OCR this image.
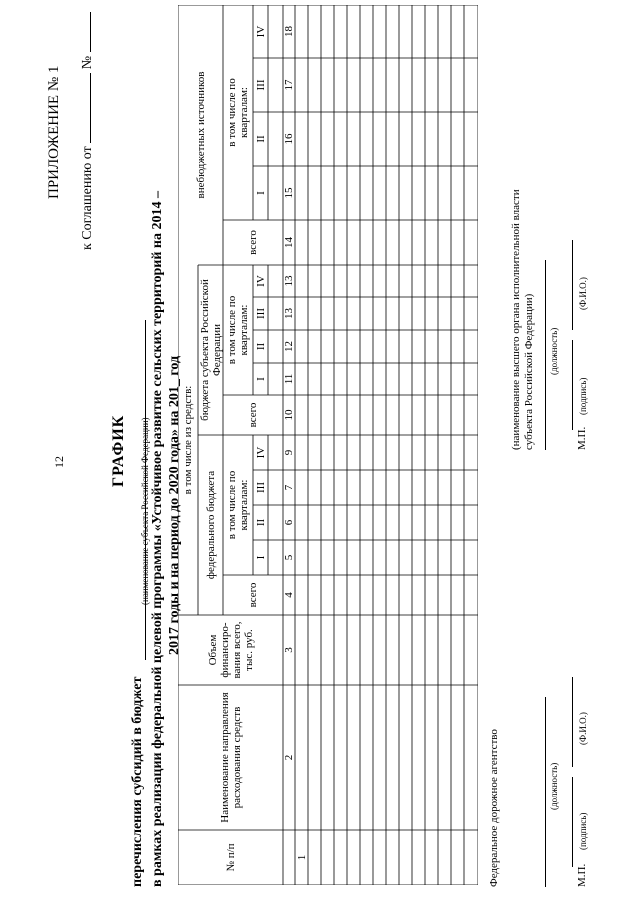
12
ПРИЛОЖЕНИЕ № 1 к Соглашению от  №
ГРАФИК
перечисления субсидий в бюджет
(наименование субъекта Российской Федерации) в рамках реализации федеральной целевой программы «Устойчивое развитие сельских территорий на 2014 – 2017 годы и на период до 2020 года» на 201_ год
№ п/п
Наименование направления расходования средств
Объем финансиро-вания всего, тыс. руб.
в том числе из средств:
федерального бюджета
бюджета субъекта Российской Федерации
внебюджетных источников
всего
всего
всего
в том числе по кварталам:
в том числе по кварталам:
в том числе по кварталам:
I
II
III
IV
I
II
III
IV
I
II
III
IV
2
3
4
5
6
7
9
10
11
12
13
13
14
15
16
17
18
1	Федеральное дорожное агентство	(должность)
М.П.
(подпись)
(Ф.И.О.)
(наименование высшего органа исполнительной власти субъекта Российской Федерации) (должность)
М.П.
(подпись)
(Ф.И.О.)
